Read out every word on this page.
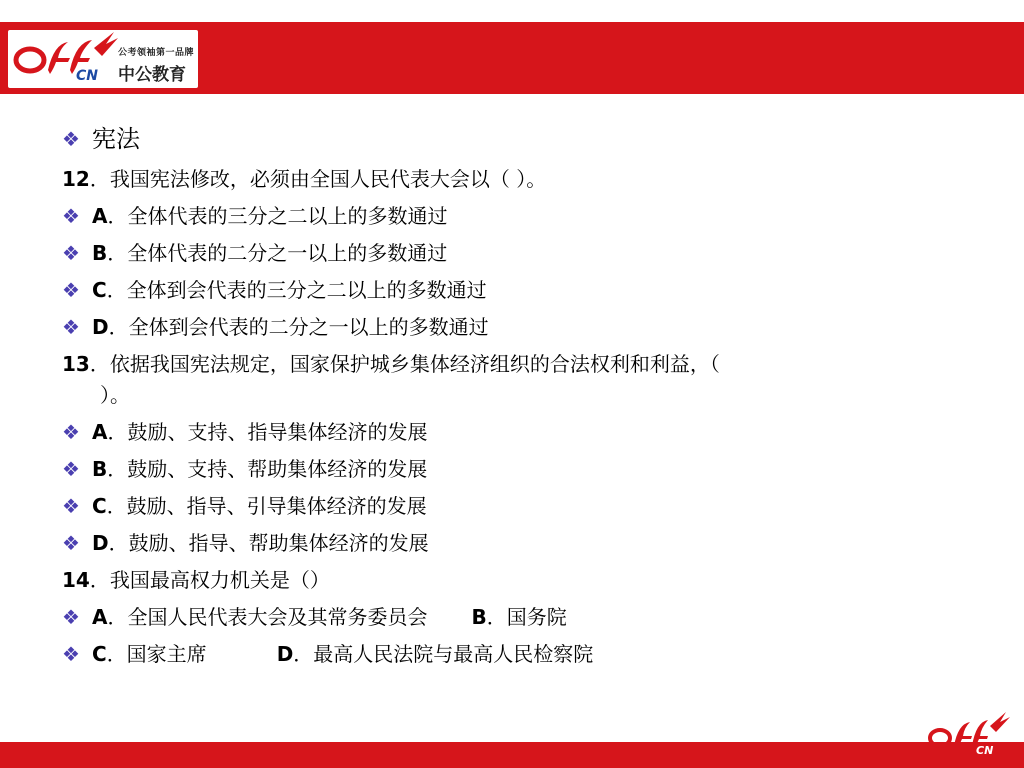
CN
公考领袖第一品牌
中公教育
❖ 宪法
12．我国宪法修改，必须由全国人民代表大会以（ ）。
❖ A．全体代表的三分之二以上的多数通过
❖ B．全体代表的二分之一以上的多数通过
❖ C．全体到会代表的三分之二以上的多数通过
❖ D．全体到会代表的二分之一以上的多数通过
13．依据我国宪法规定，国家保护城乡集体经济组织的合法权利和利益，（
）。
❖ A．鼓励、支持、指导集体经济的发展
❖ B．鼓励、支持、帮助集体经济的发展
❖ C．鼓励、指导、引导集体经济的发展
❖ D．鼓励、指导、帮助集体经济的发展
14．我国最高权力机关是（）
❖ A．全国人民代表大会及其常务委员会 B．国务院
❖ C．国家主席	D．最高人民法院与最高人民检察院
CN
